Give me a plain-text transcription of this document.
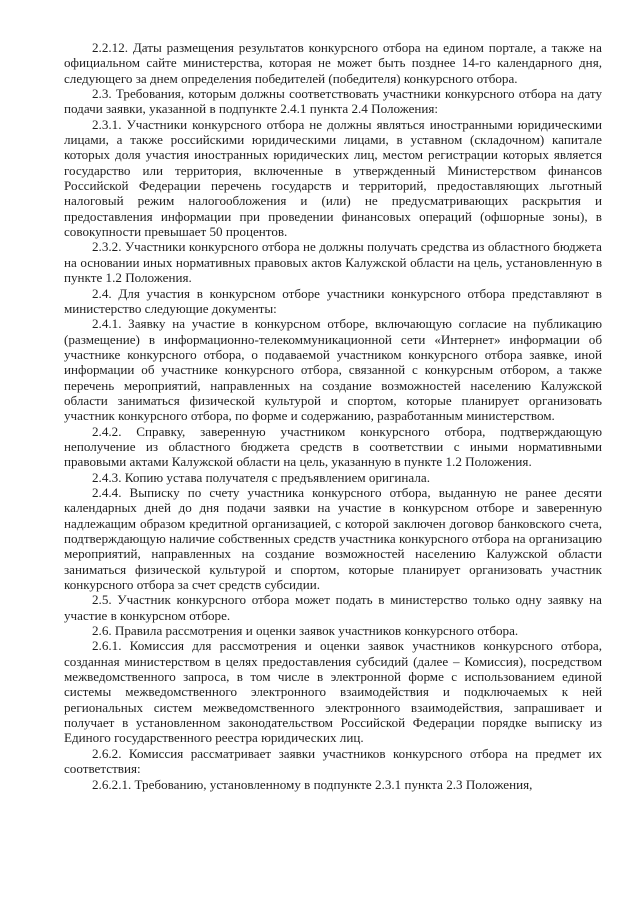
2.2.12. Даты размещения результатов конкурсного отбора на едином портале, а также на официальном сайте министерства, которая не может быть позднее 14-го календарного дня, следующего за днем определения победителей (победителя) конкурсного отбора.

2.3. Требования, которым должны соответствовать участники конкурсного отбора на дату подачи заявки, указанной в подпункте 2.4.1 пункта 2.4 Положения:

2.3.1. Участники конкурсного отбора не должны являться иностранными юридическими лицами, а также российскими юридическими лицами, в уставном (складочном) капитале которых доля участия иностранных юридических лиц, местом регистрации которых является государство или территория, включенные в утвержденный Министерством финансов Российской Федерации перечень государств и территорий, предоставляющих льготный налоговый режим налогообложения и (или) не предусматривающих раскрытия и предоставления информации при проведении финансовых операций (офшорные зоны), в совокупности превышает 50 процентов.

2.3.2. Участники конкурсного отбора не должны получать средства из областного бюджета на основании иных нормативных правовых актов Калужской области на цель, установленную в пункте 1.2 Положения.

2.4. Для участия в конкурсном отборе участники конкурсного отбора представляют в министерство следующие документы:

2.4.1. Заявку на участие в конкурсном отборе, включающую согласие на публикацию (размещение) в информационно-телекоммуникационной сети «Интернет» информации об участнике конкурсного отбора, о подаваемой участником конкурсного отбора заявке, иной информации об участнике конкурсного отбора, связанной с конкурсным отбором, а также перечень мероприятий, направленных на создание возможностей населению Калужской области заниматься физической культурой и спортом, которые планирует организовать участник конкурсного отбора, по форме и содержанию, разработанным министерством.

2.4.2. Справку, заверенную участником конкурсного отбора, подтверждающую неполучение из областного бюджета средств в соответствии с иными нормативными правовыми актами Калужской области на цель, указанную в пункте 1.2 Положения.

2.4.3. Копию устава получателя с предъявлением оригинала.

2.4.4. Выписку по счету участника конкурсного отбора, выданную не ранее десяти календарных дней до дня подачи заявки на участие в конкурсном отборе и заверенную надлежащим образом кредитной организацией, с которой заключен договор банковского счета, подтверждающую наличие собственных средств участника конкурсного отбора на организацию мероприятий, направленных на создание возможностей населению Калужской области заниматься физической культурой и спортом, которые планирует организовать участник конкурсного отбора за счет средств субсидии.

2.5. Участник конкурсного отбора может подать в министерство только одну заявку на участие в конкурсном отборе.

2.6. Правила рассмотрения и оценки заявок участников конкурсного отбора.

2.6.1. Комиссия для рассмотрения и оценки заявок участников конкурсного отбора, созданная министерством в целях предоставления субсидий (далее – Комиссия), посредством межведомственного запроса, в том числе в электронной форме с использованием единой системы межведомственного электронного взаимодействия и подключаемых к ней региональных систем межведомственного электронного взаимодействия, запрашивает и получает в установленном законодательством Российской Федерации порядке выписку из Единого государственного реестра юридических лиц.

2.6.2. Комиссия рассматривает заявки участников конкурсного отбора на предмет их соответствия:

2.6.2.1. Требованию, установленному в подпункте 2.3.1 пункта 2.3 Положения,
